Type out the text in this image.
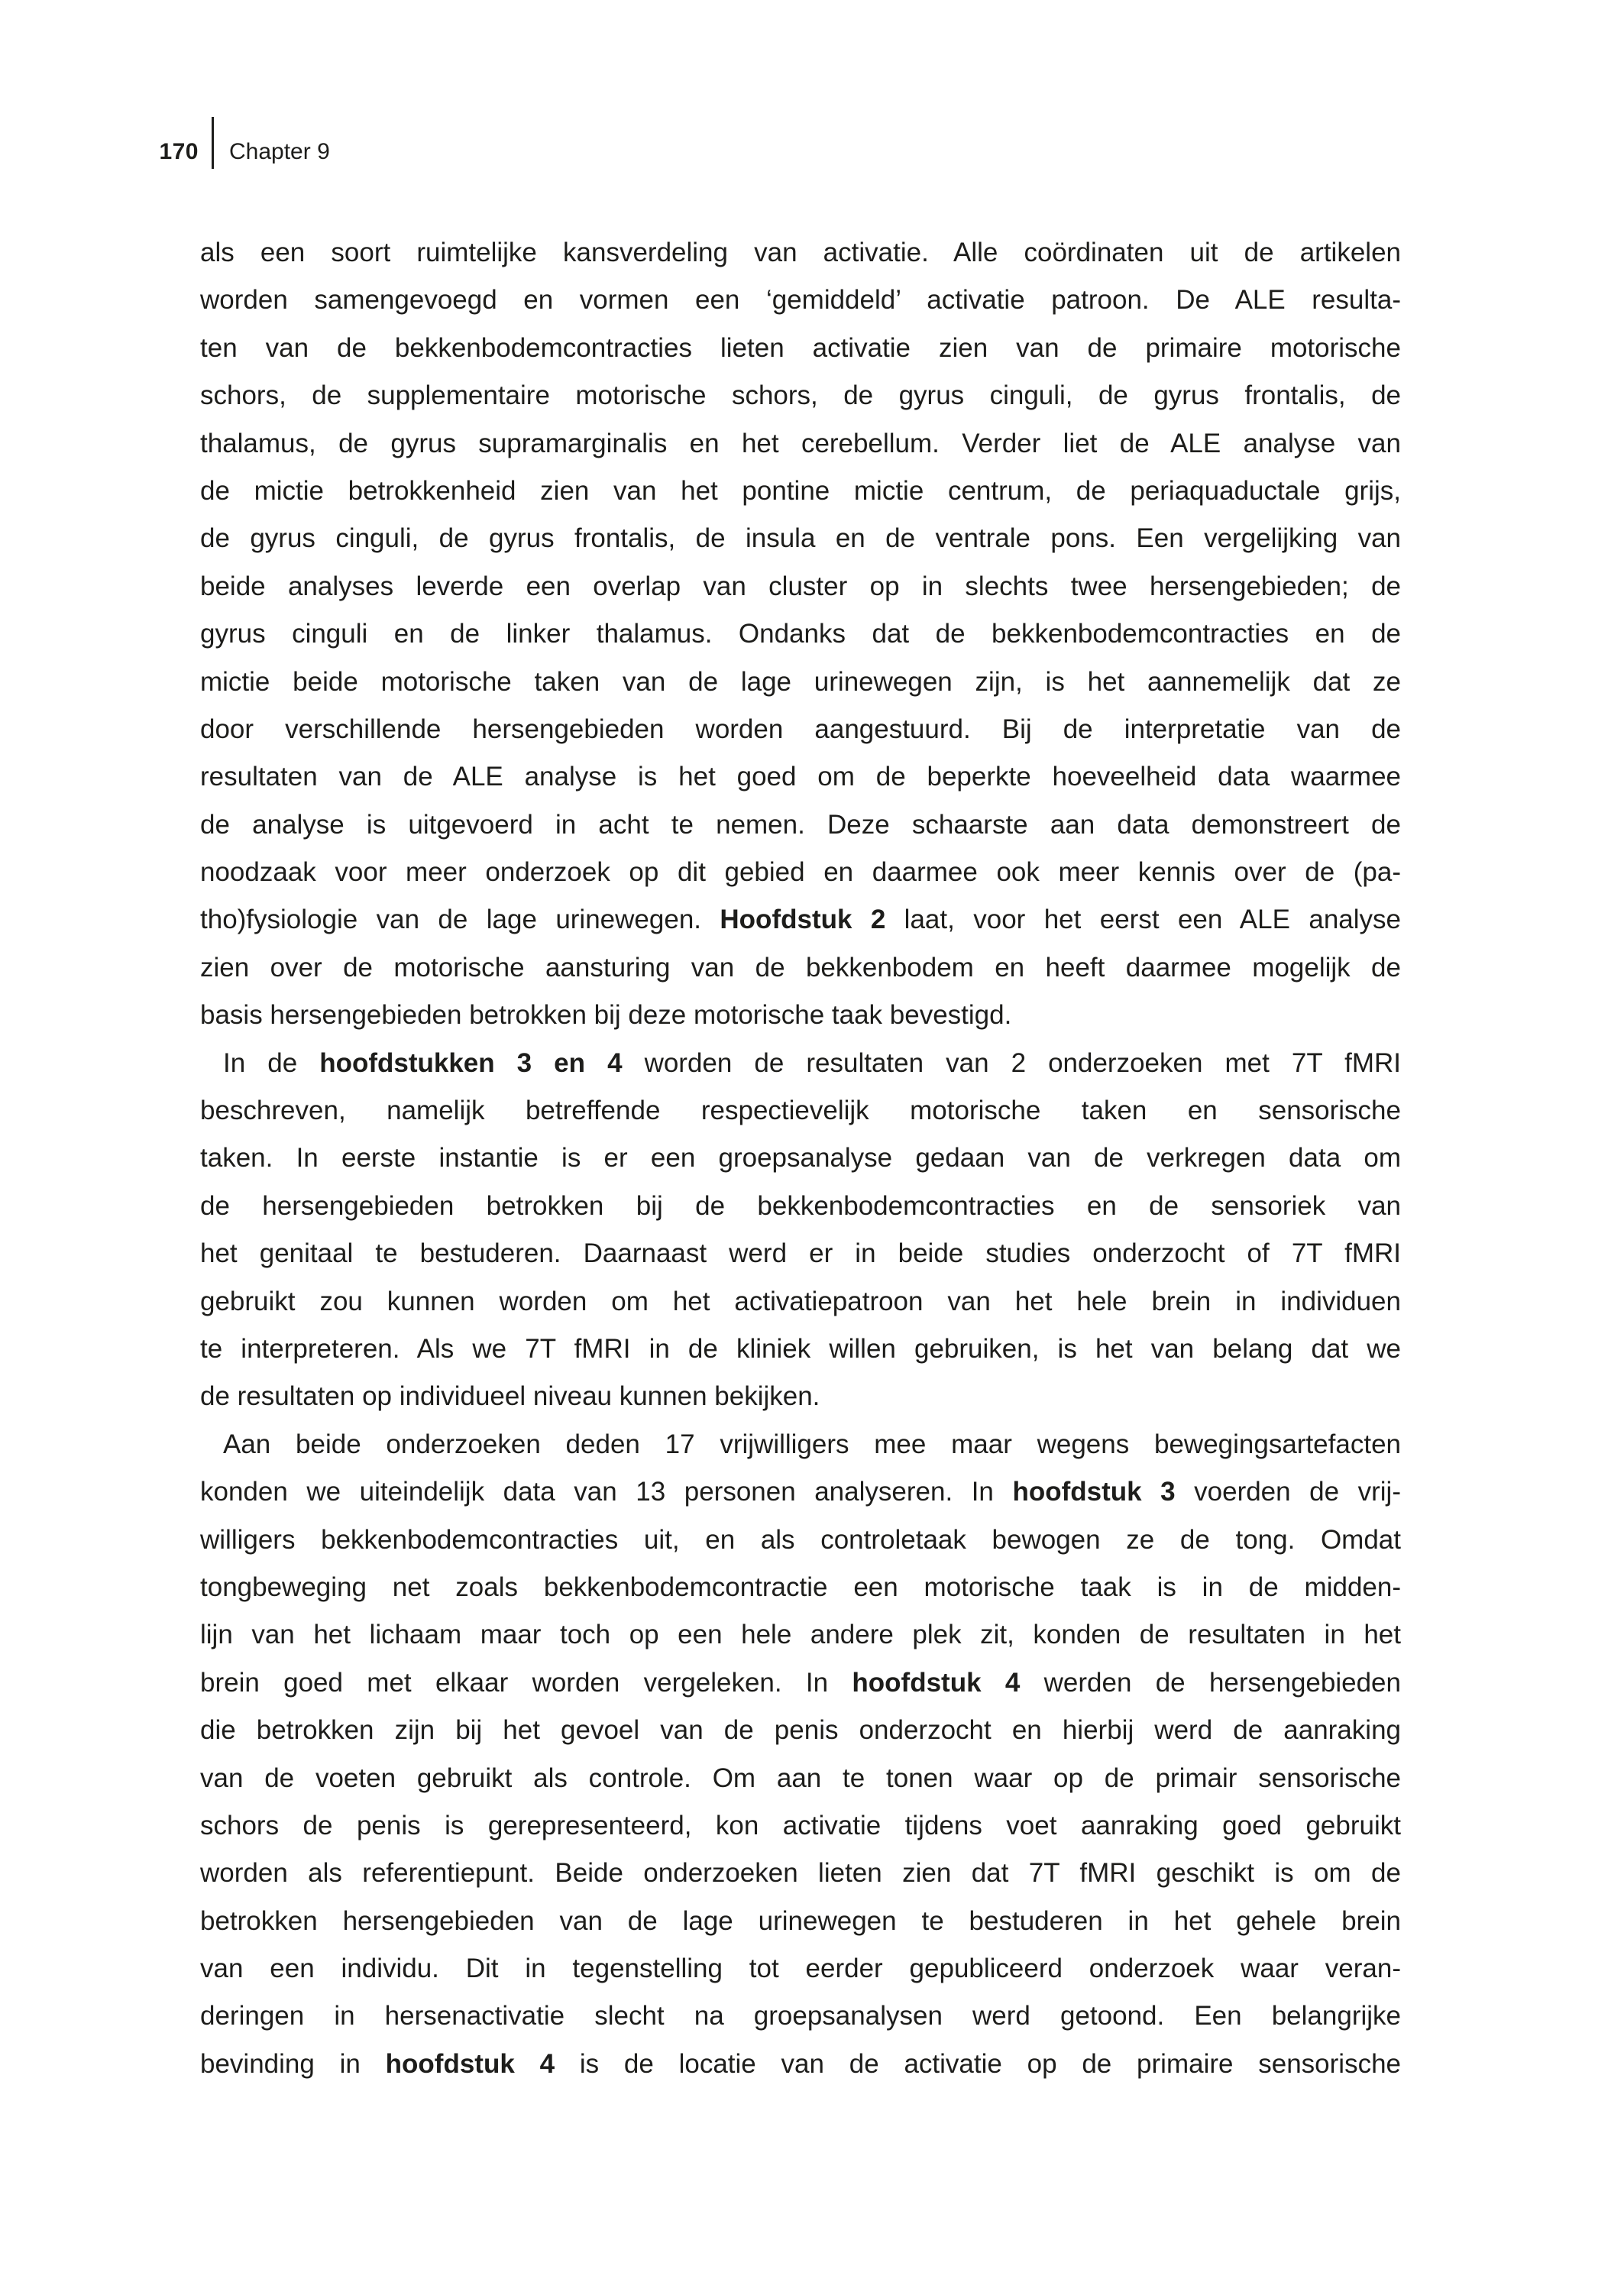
170 Chapter 9
als een soort ruimtelijke kansverdeling van activatie. Alle coördinaten uit de artikelen
worden samengevoegd en vormen een ‘gemiddeld’ activatie patroon. De ALE resulta-
ten van de bekkenbodemcontracties lieten activatie zien van de primaire motorische
schors, de supplementaire motorische schors, de gyrus cinguli, de gyrus frontalis, de
thalamus, de gyrus supramarginalis en het cerebellum. Verder liet de ALE analyse van
de mictie betrokkenheid zien van het pontine mictie centrum, de periaquaductale grijs,
de gyrus cinguli, de gyrus frontalis, de insula en de ventrale pons. Een vergelijking van
beide analyses leverde een overlap van cluster op in slechts twee hersengebieden; de
gyrus cinguli en de linker thalamus. Ondanks dat de bekkenbodemcontracties en de
mictie beide motorische taken van de lage urinewegen zijn, is het aannemelijk dat ze
door verschillende hersengebieden worden aangestuurd. Bij de interpretatie van de
resultaten van de ALE analyse is het goed om de beperkte hoeveelheid data waarmee
de analyse is uitgevoerd in acht te nemen. Deze schaarste aan data demonstreert de
noodzaak voor meer onderzoek op dit gebied en daarmee ook meer kennis over de (pa-
tho)fysiologie van de lage urinewegen. Hoofdstuk 2 laat, voor het eerst een ALE analyse
zien over de motorische aansturing van de bekkenbodem en heeft daarmee mogelijk de
basis hersengebieden betrokken bij deze motorische taak bevestigd.
In de hoofdstukken 3 en 4 worden de resultaten van 2 onderzoeken met 7T fMRI
beschreven, namelijk betreffende respectievelijk motorische taken en sensorische
taken. In eerste instantie is er een groepsanalyse gedaan van de verkregen data om
de hersengebieden betrokken bij de bekkenbodemcontracties en de sensoriek van
het genitaal te bestuderen. Daarnaast werd er in beide studies onderzocht of 7T fMRI
gebruikt zou kunnen worden om het activatiepatroon van het hele brein in individuen
te interpreteren. Als we 7T fMRI in de kliniek willen gebruiken, is het van belang dat we
de resultaten op individueel niveau kunnen bekijken.
Aan beide onderzoeken deden 17 vrijwilligers mee maar wegens bewegingsartefacten
konden we uiteindelijk data van 13 personen analyseren. In hoofdstuk 3 voerden de vrij-
willigers bekkenbodemcontracties uit, en als controletaak bewogen ze de tong. Omdat
tongbeweging net zoals bekkenbodemcontractie een motorische taak is in de midden-
lijn van het lichaam maar toch op een hele andere plek zit, konden de resultaten in het
brein goed met elkaar worden vergeleken. In hoofdstuk 4 werden de hersengebieden
die betrokken zijn bij het gevoel van de penis onderzocht en hierbij werd de aanraking
van de voeten gebruikt als controle. Om aan te tonen waar op de primair sensorische
schors de penis is gerepresenteerd, kon activatie tijdens voet aanraking goed gebruikt
worden als referentiepunt. Beide onderzoeken lieten zien dat 7T fMRI geschikt is om de
betrokken hersengebieden van de lage urinewegen te bestuderen in het gehele brein
van een individu. Dit in tegenstelling tot eerder gepubliceerd onderzoek waar veran-
deringen in hersenactivatie slecht na groepsanalysen werd getoond. Een belangrijke
bevinding in hoofdstuk 4 is de locatie van de activatie op de primaire sensorische
